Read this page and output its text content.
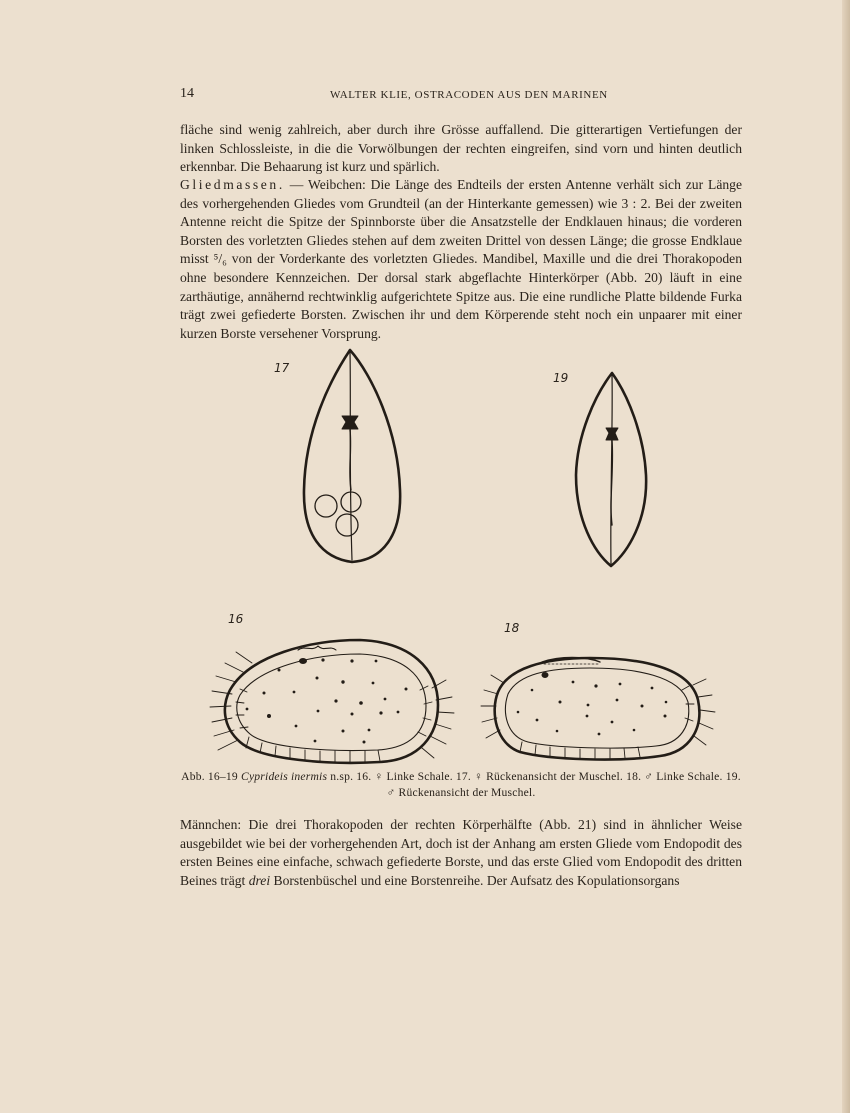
14	WALTER KLIE, OSTRACODEN AUS DEN MARINEN

fläche sind wenig zahlreich, aber durch ihre Grösse auffallend. Die gitterartigen Vertiefungen der linken Schlossleiste, in die die Vorwölbungen der rechten eingreifen, sind vorn und hinten deutlich erkennbar. Die Behaarung ist kurz und spärlich.

Gliedmassen. — Weibchen: Die Länge des Endteils der ersten Antenne verhält sich zur Länge des vorhergehenden Gliedes vom Grundteil (an der Hinterkante gemessen) wie 3 : 2. Bei der zweiten Antenne reicht die Spitze der Spinnborste über die Ansatzstelle der Endklauen hinaus; die vorderen Borsten des vorletzten Gliedes stehen auf dem zweiten Drittel von dessen Länge; die grosse Endklaue misst ⁵/₆ von der Vorderkante des vorletzten Gliedes. Mandibel, Maxille und die drei Thorakopoden ohne besondere Kennzeichen. Der dorsal stark abgeflachte Hinterkörper (Abb. 20) läuft in eine zarthäutige, annähernd rechtwinklig aufgerichtete Spitze aus. Die eine rundliche Platte bildende Furka trägt zwei gefiederte Borsten. Zwischen ihr und dem Körperende steht noch ein unpaarer mit einer kurzen Borste versehener Vorsprung.

17
19
16
18

Abb. 16–19 Cyprideis inermis n.sp. 16. ♀ Linke Schale. 17. ♀ Rückenansicht der Muschel. 18. ♂ Linke Schale. 19. ♂ Rückenansicht der Muschel.

Männchen: Die drei Thorakopoden der rechten Körperhälfte (Abb. 21) sind in ähnlicher Weise ausgebildet wie bei der vorhergehenden Art, doch ist der Anhang am ersten Gliede vom Endopodit des ersten Beines eine einfache, schwach gefiederte Borste, und das erste Glied vom Endopodit des dritten Beines trägt drei Borstenbüschel und eine Borstenreihe. Der Aufsatz des Kopulationsorgans
